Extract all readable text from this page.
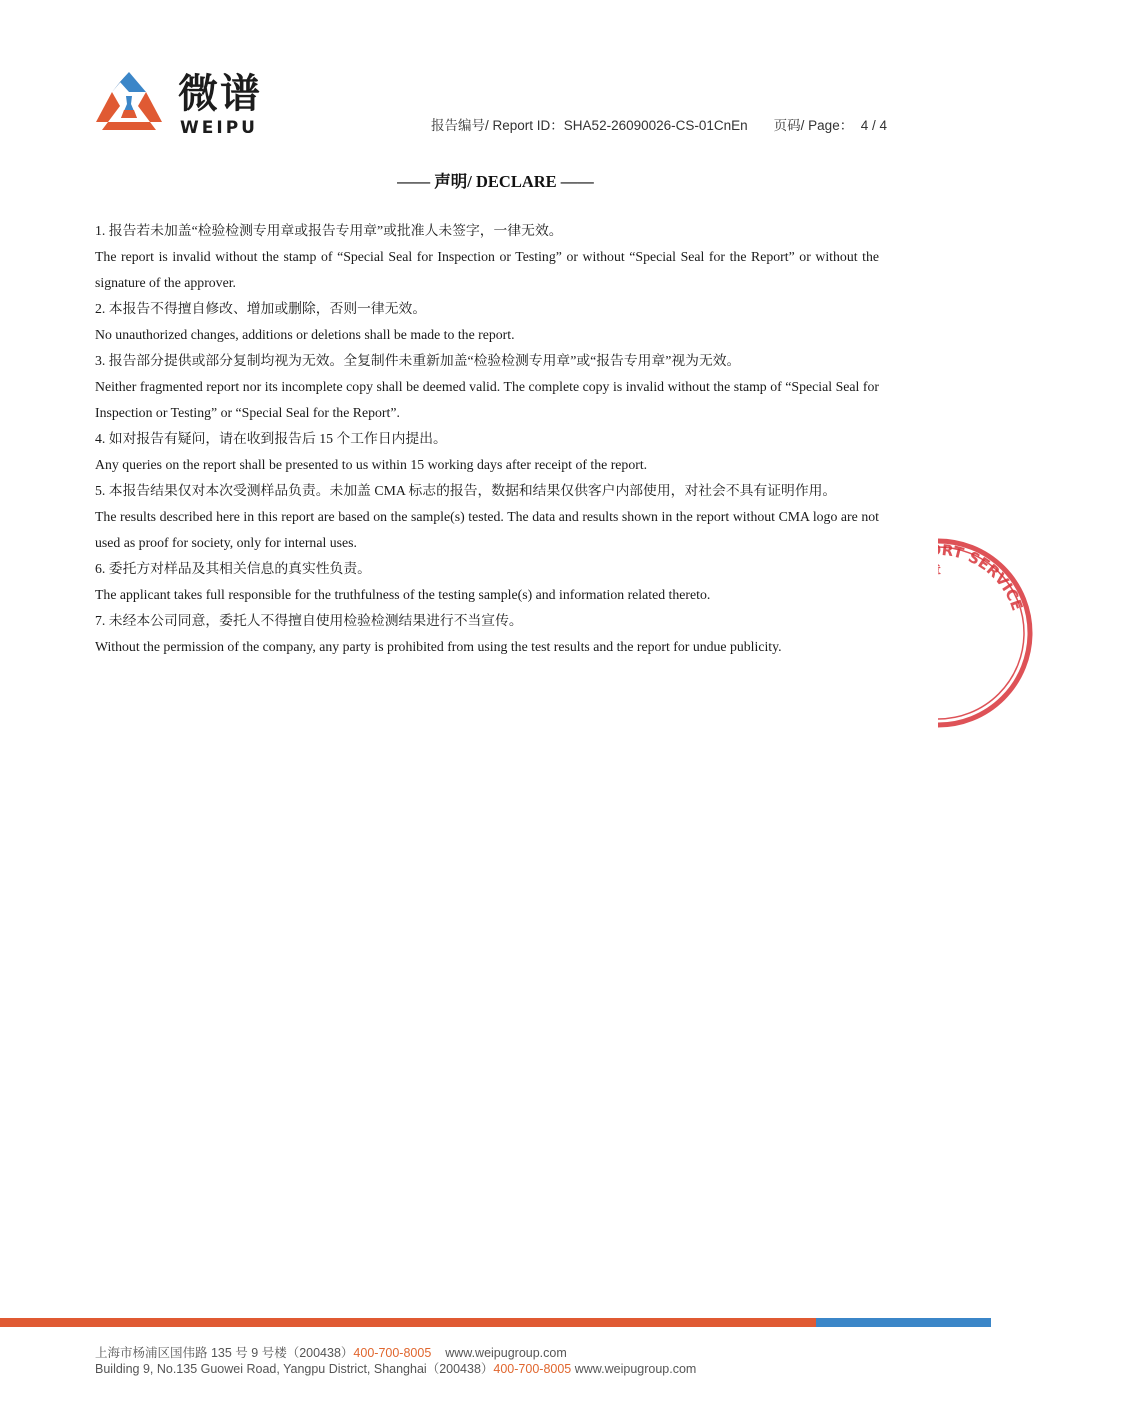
微谱
WEIPU	报告编号/ Report ID：SHA52-26090026-CS-01CnEn 页码/ Page： 4 / 4
—— 声明/ DECLARE ——

1. 报告若未加盖“检验检测专用章或报告专用章”或批准人未签字，一律无效。

The report is invalid without the stamp of “Special Seal for Inspection or Testing” or without “Special Seal for the Report” or without the signature of the approver.

2. 本报告不得擅自修改、增加或删除，否则一律无效。

No unauthorized changes, additions or deletions shall be made to the report.

3. 报告部分提供或部分复制均视为无效。全复制件未重新加盖“检验检测专用章”或“报告专用章”视为无效。

Neither fragmented report nor its incomplete copy shall be deemed valid. The complete copy is invalid without the stamp of “Special Seal for Inspection or Testing” or “Special Seal for the Report”.

4. 如对报告有疑问，请在收到报告后 15 个工作日内提出。

Any queries on the report shall be presented to us within 15 working days after receipt of the report.

5. 本报告结果仅对本次受测样品负责。未加盖 CMA 标志的报告，数据和结果仅供客户内部使用，对社会不具有证明作用。

The results described here in this report are based on the sample(s) tested. The data and results shown in the report without CMA logo are not used as proof for society, only for internal uses.

6. 委托方对样品及其相关信息的真实性负责。

The applicant takes full responsible for the truthfulness of the testing sample(s) and information related thereto.

7. 未经本公司同意，委托人不得擅自使用检验检测结果进行不当宣传。

Without the permission of the company, any party is prohibited from using the test results and the report for undue publicity.

RT SERVICE
上海市杨浦区国伟路 135 号 9 号楼（200438）400-700-8005 www.weipugroup.com
Building 9, No.135 Guowei Road, Yangpu District, Shanghai（200438）400-700-8005 www.weipugroup.com
